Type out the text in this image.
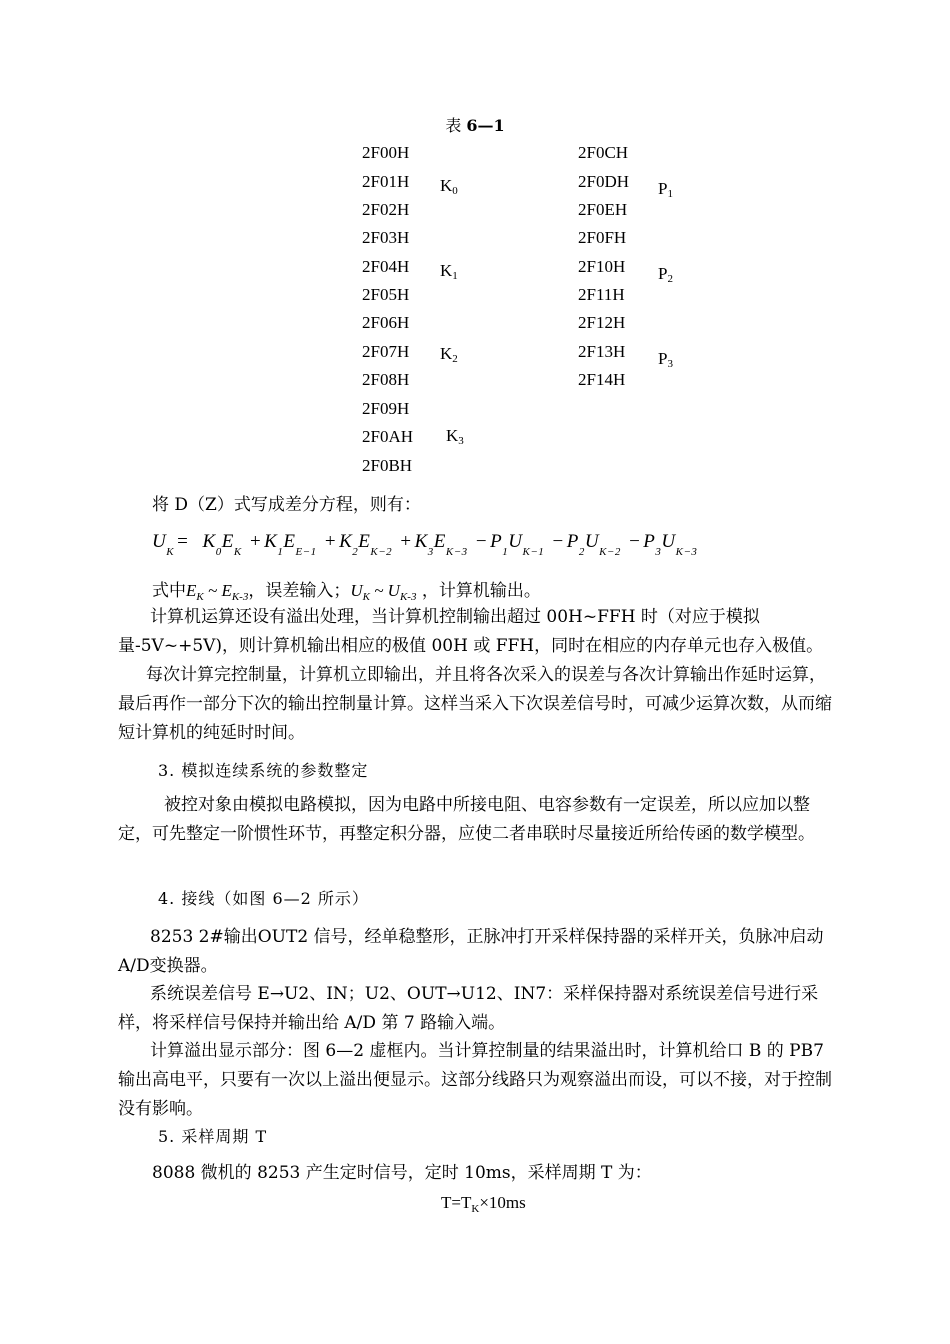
表 6—1
2F00H
2F01H
2F02H
2F03H
2F04H
2F05H
2F06H
2F07H
2F08H
2F09H
2F0AH
2F0BH
2F0CH
2F0DH
2F0EH
2F0FH
2F10H
2F11H
2F12H
2F13H
2F14H
$K_0$
$K_1$
$K_2$
$K_3$
$P_1$
$P_2$
$P_3$
将 D（Z）式写成差分方程，则有：
$U_K = K_0E_K + K_1E_{E-1} + K_2E_{K-2} + K_3E_{K-3} - P_1U_{K-1} - P_2U_{K-2} - P_3U_{K-3}$
式中$E_K$ ~ $E_{K-3}$，误差输入；$U_K$ ~ $U_{K-3}$ ，计算机输出。
计算机运算还设有溢出处理，当计算机控制输出超过 00H~FFH 时（对应于模拟量-5V~+5V)，则计算机输出相应的极值 00H 或 FFH，同时在相应的内存单元也存入极值。
每次计算完控制量，计算机立即输出，并且将各次采入的误差与各次计算输出作延时运算，最后再作一部分下次的输出控制量计算。这样当采入下次误差信号时，可减少运算次数，从而缩短计算机的纯延时时间。
3. 模拟连续系统的参数整定
被控对象由模拟电路模拟，因为电路中所接电阻、电容参数有一定误差，所以应加以整定，可先整定一阶惯性环节，再整定积分器，应使二者串联时尽量接近所给传函的数学模型。
4. 接线（如图 6—2 所示）
8253 2#输出OUT2 信号，经单稳整形，正脉冲打开采样保持器的采样开关，负脉冲启动A/D变换器。
系统误差信号 E→U2、IN；U2、OUT→U12、IN7：采样保持器对系统误差信号进行采样，将采样信号保持并输出给 A/D 第 7 路输入端。
计算溢出显示部分：图 6—2 虚框内。当计算控制量的结果溢出时，计算机给口 B 的 PB7 输出高电平，只要有一次以上溢出便显示。这部分线路只为观察溢出而设，可以不接，对于控制没有影响。
5. 采样周期 T
8088 微机的 8253 产生定时信号，定时 10ms，采样周期 T 为：
$T=T_K\times 10ms$
